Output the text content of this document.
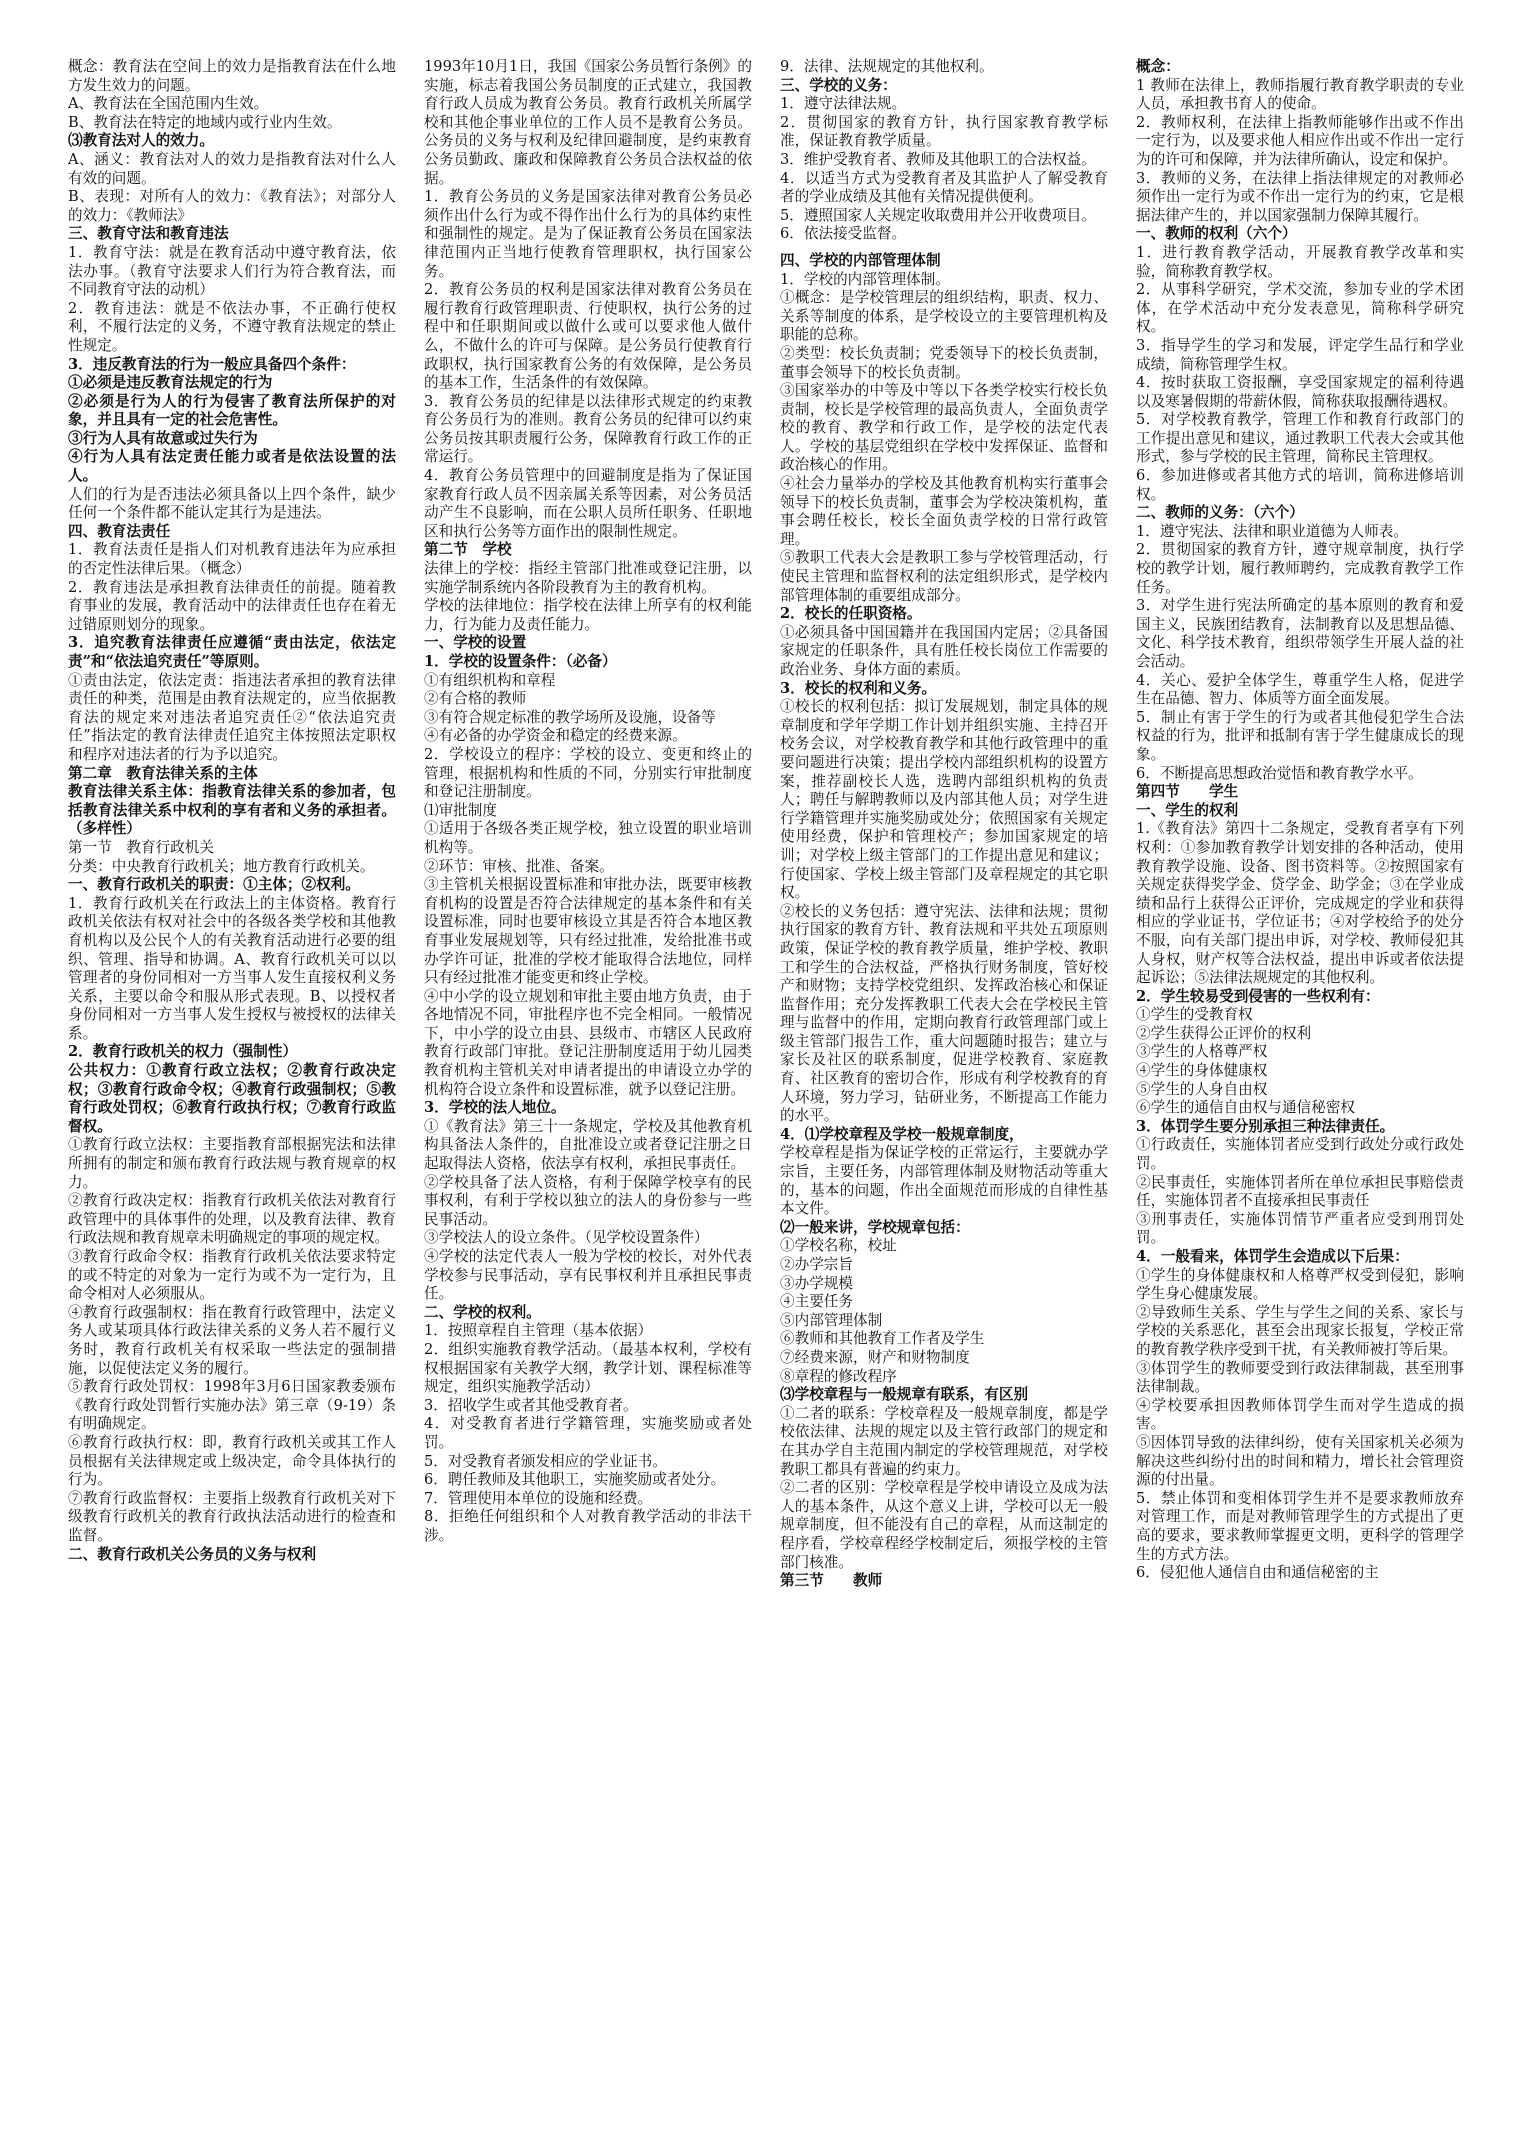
概念：教育法在空间上的效力是指教育法在什么地方发生效力的问题。

A、教育法在全国范围内生效。

B、教育法在特定的地域内或行业内生效。

⑶教育法对人的效力。

A、涵义：教育法对人的效力是指教育法对什么人有效的问题。

B、表现：对所有人的效力：《教育法》；对部分人的效力：《教师法》

三、教育守法和教育违法

1．教育守法：就是在教育活动中遵守教育法，依法办事。（教育守法要求人们行为符合教育法，而不同教育守法的动机）

2．教育违法：就是不依法办事，不正确行使权利，不履行法定的义务，不遵守教育法规定的禁止性规定。

3．违反教育法的行为一般应具备四个条件：

①必须是违反教育法规定的行为

②必须是行为人的行为侵害了教育法所保护的对象，并且具有一定的社会危害性。

③行为人具有故意或过失行为

④行为人具有法定责任能力或者是依法设置的法人。

人们的行为是否违法必须具备以上四个条件，缺少任何一个条件都不能认定其行为是违法。

四、教育法责任

1．教育法责任是指人们对机教育违法年为应承担的否定性法律后果。（概念）

2．教育违法是承担教育法律责任的前提。随着教育事业的发展，教育活动中的法律责任也存在着无过错原则划分的现象。

3．追究教育法律责任应遵循“责由法定，依法定责”和“依法追究责任”等原则。

①责由法定，依法定责：指违法者承担的教育法律责任的种类，范围是由教育法规定的，应当依据教育法的规定来对违法者追究责任②“依法追究责任”指法定的教育法律责任追究主体按照法定职权和程序对违法者的行为予以追究。

第二章　教育法律关系的主体

教育法律关系主体：指教育法律关系的参加者，包括教育法律关系中权利的享有者和义务的承担者。（多样性）

第一节　教育行政机关

分类：中央教育行政机关；地方教育行政机关。

一、教育行政机关的职责：①主体；②权利。

1．教育行政机关在行政法上的主体资格。教育行政机关依法有权对社会中的各级各类学校和其他教育机构以及公民个人的有关教育活动进行必要的组织、管理、指导和协调。A、教育行政机关可以以管理者的身份同相对一方当事人发生直接权利义务关系，主要以命令和服从形式表现。B、以授权者身份同相对一方当事人发生授权与被授权的法律关系。

2．教育行政机关的权力（强制性）

公共权力：①教育行政立法权；②教育行政决定权；③教育行政命令权；④教育行政强制权；⑤教育行政处罚权；⑥教育行政执行权；⑦教育行政监督权。

①教育行政立法权：主要指教育部根据宪法和法律所拥有的制定和颁布教育行政法规与教育规章的权力。

②教育行政决定权：指教育行政机关依法对教育行政管理中的具体事件的处理，以及教育法律、教育行政法规和教育规章未明确规定的事项的规定权。

③教育行政命令权：指教育行政机关依法要求特定的或不特定的对象为一定行为或不为一定行为，且命令相对人必须服从。

④教育行政强制权：指在教育行政管理中，法定义务人或某项具体行政法律关系的义务人若不履行义务时，教育行政机关有权采取一些法定的强制措施，以促使法定义务的履行。

⑤教育行政处罚权：1998年3月6日国家教委颁布《教育行政处罚暂行实施办法》第三章（9-19）条有明确规定。

⑥教育行政执行权：即，教育行政机关或其工作人员根据有关法律规定或上级决定，命令具体执行的行为。

⑦教育行政监督权：主要指上级教育行政机关对下级教育行政机关的教育行政执法活动进行的检查和监督。

二、教育行政机关公务员的义务与权利

1993年10月1日，我国《国家公务员暂行条例》的实施，标志着我国公务员制度的正式建立，我国教育行政人员成为教育公务员。教育行政机关所属学校和其他企事业单位的工作人员不是教育公务员。公务员的义务与权利及纪律回避制度，是约束教育公务员勤政、廉政和保障教育公务员合法权益的依据。

1．教育公务员的义务是国家法律对教育公务员必须作出什么行为或不得作出什么行为的具体约束性和强制性的规定。是为了保证教育公务员在国家法律范围内正当地行使教育管理职权，执行国家公务。

2．教育公务员的权利是国家法律对教育公务员在履行教育行政管理职责、行使职权，执行公务的过程中和任职期间或以做什么或可以要求他人做什么，不做什么的许可与保障。是公务员行使教育行政职权，执行国家教育公务的有效保障，是公务员的基本工作，生活条件的有效保障。

3．教育公务员的纪律是以法律形式规定的约束教育公务员行为的准则。教育公务员的纪律可以约束公务员按其职责履行公务，保障教育行政工作的正常运行。

4．教育公务员管理中的回避制度是指为了保证国家教育行政人员不因亲属关系等因素，对公务员活动产生不良影响，而在公职人员所任职务、任职地区和执行公务等方面作出的限制性规定。

第二节　学校

法律上的学校：指经主管部门批准或登记注册，以实施学制系统内各阶段教育为主的教育机构。

学校的法律地位：指学校在法律上所享有的权利能力，行为能力及责任能力。

一、学校的设置

1．学校的设置条件：（必备）

①有组织机构和章程

②有合格的教师

③有符合规定标准的教学场所及设施，设备等

④有必备的办学资金和稳定的经费来源。

2．学校设立的程序：学校的设立、变更和终止的管理，根据机构和性质的不同，分别实行审批制度和登记注册制度。

⑴审批制度

①适用于各级各类正规学校，独立设置的职业培训机构等。

②环节：审核、批准、备案。

③主管机关根据设置标准和审批办法，既要审核教育机构的设置是否符合法律规定的基本条件和有关设置标准，同时也要审核设立其是否符合本地区教育事业发展规划等，只有经过批准，发给批准书或办学许可证，批准的学校才能取得合法地位，同样只有经过批准才能变更和终止学校。

④中小学的设立规划和审批主要由地方负责，由于各地情况不同，审批程序也不完全相同。一般情况下，中小学的设立由县、县级市、市辖区人民政府教育行政部门审批。登记注册制度适用于幼儿园类教育机构主管机关对申请者提出的申请设立办学的机构符合设立条件和设置标准，就予以登记注册。

3．学校的法人地位。

①《教育法》第三十一条规定，学校及其他教育机构具备法人条件的，自批准设立或者登记注册之日起取得法人资格，依法享有权利，承担民事责任。

②学校具备了法人资格，有利于保障学校享有的民事权利，有利于学校以独立的法人的身份参与一些民事活动。

③学校法人的设立条件。（见学校设置条件）

④学校的法定代表人一般为学校的校长，对外代表学校参与民事活动，享有民事权利并且承担民事责任。

二、学校的权利。

1．按照章程自主管理（基本依据）

2．组织实施教育教学活动。（最基本权利，学校有权根据国家有关教学大纲，教学计划、课程标准等规定，组织实施教学活动）

3．招收学生或者其他受教育者。

4．对受教育者进行学籍管理，实施奖励或者处罚。

5．对受教育者颁发相应的学业证书。

6．聘任教师及其他职工，实施奖励或者处分。

7．管理使用本单位的设施和经费。

8．拒绝任何组织和个人对教育教学活动的非法干涉。

9．法律、法规规定的其他权利。

三、学校的义务：

1．遵守法律法规。

2．贯彻国家的教育方针，执行国家教育教学标准，保证教育教学质量。

3．维护受教育者、教师及其他职工的合法权益。

4．以适当方式为受教育者及其监护人了解受教育者的学业成绩及其他有关情况提供便利。

5．遵照国家人关规定收取费用并公开收费项目。

6．依法接受监督。

四、学校的内部管理体制

1．学校的内部管理体制。

①概念：是学校管理层的组织结构，职责、权力、关系等制度的体系，是学校设立的主要管理机构及职能的总称。

②类型：校长负责制；党委领导下的校长负责制，董事会领导下的校长负责制。

③国家举办的中等及中等以下各类学校实行校长负责制，校长是学校管理的最高负责人，全面负责学校的教育、教学和行政工作，是学校的法定代表人。学校的基层党组织在学校中发挥保证、监督和政治核心的作用。

④社会力量举办的学校及其他教育机构实行董事会领导下的校长负责制，董事会为学校决策机构，董事会聘任校长，校长全面负责学校的日常行政管理。

⑤教职工代表大会是教职工参与学校管理活动，行使民主管理和监督权利的法定组织形式，是学校内部管理体制的重要组成部分。

2．校长的任职资格。

①必须具备中国国籍并在我国国内定居；②具备国家规定的任职条件，具有胜任校长岗位工作需要的政治业务、身体方面的素质。

3．校长的权利和义务。

①校长的权利包括：拟订发展规划，制定具体的规章制度和学年学期工作计划并组织实施、主持召开校务会议，对学校教育教学和其他行政管理中的重要问题进行决策；提出学校内部组织机构的设置方案，推荐副校长人选，选聘内部组织机构的负责人；聘任与解聘教师以及内部其他人员；对学生进行学籍管理并实施奖励或处分；依照国家有关规定使用经费，保护和管理校产；参加国家规定的培训；对学校上级主管部门的工作提出意见和建议；行使国家、学校上级主管部门及章程规定的其它职权。

②校长的义务包括：遵守宪法、法律和法规；贯彻执行国家的教育方针、教育法规和平共处五项原则政策，保证学校的教育教学质量，维护学校、教职工和学生的合法权益，严格执行财务制度，管好校产和财物；支持学校党组织、发挥政治核心和保证监督作用；充分发挥教职工代表大会在学校民主管理与监督中的作用，定期向教育行政管理部门或上级主管部门报告工作，重大问题随时报告；建立与家长及社区的联系制度，促进学校教育、家庭教育、社区教育的密切合作，形成有利学校教育的育人环境，努力学习，钻研业务，不断提高工作能力的水平。

4．⑴学校章程及学校一般规章制度，

学校章程是指为保证学校的正常运行，主要就办学宗旨，主要任务，内部管理体制及财物活动等重大的，基本的问题，作出全面规范而形成的自律性基本文件。

⑵一般来讲，学校规章包括：

①学校名称，校址

②办学宗旨

③办学规模

④主要任务

⑤内部管理体制

⑥教师和其他教育工作者及学生

⑦经费来源，财产和财物制度

⑧章程的修改程序

⑶学校章程与一般规章有联系，有区别

①二者的联系：学校章程及一般规章制度，都是学校依法律、法规的规定以及主管行政部门的规定和在其办学自主范围内制定的学校管理规范，对学校教职工都具有普遍的约束力。

②二者的区别：学校章程是学校申请设立及成为法人的基本条件，从这个意义上讲，学校可以无一般规章制度，但不能没有自己的章程，从而这制定的程序看，学校章程经学校制定后，须报学校的主管部门核准。

第三节　　教师

概念：

1 教师在法律上，教师指履行教育教学职责的专业人员，承担教书育人的使命。

2．教师权利，在法律上指教师能够作出或不作出一定行为，以及要求他人相应作出或不作出一定行为的许可和保障，并为法律所确认，设定和保护。

3．教师的义务，在法律上指法律规定的对教师必须作出一定行为或不作出一定行为的约束，它是根据法律产生的，并以国家强制力保障其履行。

一、教师的权利（六个）

1．进行教育教学活动，开展教育教学改革和实验，简称教育教学权。

2．从事科学研究，学术交流，参加专业的学术团体，在学术活动中充分发表意见，简称科学研究权。

3．指导学生的学习和发展，评定学生品行和学业成绩，简称管理学生权。

4．按时获取工资报酬，享受国家规定的福利待遇以及寒暑假期的带薪休假，简称获取报酬待遇权。

5．对学校教育教学，管理工作和教育行政部门的工作提出意见和建议，通过教职工代表大会或其他形式，参与学校的民主管理，简称民主管理权。

6．参加进修或者其他方式的培训，简称进修培训权。

二、教师的义务：（六个）

1．遵守宪法、法律和职业道德为人师表。

2．贯彻国家的教育方针，遵守规章制度，执行学校的教学计划，履行教师聘约，完成教育教学工作任务。

3．对学生进行宪法所确定的基本原则的教育和爱国主义，民族团结教育，法制教育以及思想品德、文化、科学技术教育，组织带领学生开展人益的社会活动。

4．关心、爱护全体学生，尊重学生人格，促进学生在品德、智力、体质等方面全面发展。

5．制止有害于学生的行为或者其他侵犯学生合法权益的行为，批评和抵制有害于学生健康成长的现象。

6．不断提高思想政治觉悟和教育教学水平。

第四节　　学生

一、学生的权利

1.《教育法》第四十二条规定，受教育者享有下列权利：①参加教育教学计划安排的各种活动，使用教育教学设施、设备、图书资料等。②按照国家有关规定获得奖学金、贷学金、助学金；③在学业成绩和品行上获得公正评价，完成规定的学业和获得相应的学业证书，学位证书；④对学校给予的处分不服，向有关部门提出申诉，对学校、教师侵犯其人身权，财产权等合法权益，提出申诉或者依法提起诉讼；⑤法律法规规定的其他权利。

2．学生较易受到侵害的一些权利有：

①学生的受教育权

②学生获得公正评价的权利

③学生的人格尊严权

④学生的身体健康权

⑤学生的人身自由权

⑥学生的通信自由权与通信秘密权

3．体罚学生要分别承担三种法律责任。

①行政责任，实施体罚者应受到行政处分或行政处罚。

②民事责任，实施体罚者所在单位承担民事赔偿责任，实施体罚者不直接承担民事责任

③刑事责任，实施体罚情节严重者应受到刑罚处罚。

4．一般看来，体罚学生会造成以下后果：

①学生的身体健康权和人格尊严权受到侵犯，影响学生身心健康发展。

②导致师生关系、学生与学生之间的关系、家长与学校的关系恶化，甚至会出现家长报复，学校正常的教育教学秩序受到干扰，有关教师被打等后果。

③体罚学生的教师要受到行政法律制裁，甚至刑事法律制裁。

④学校要承担因教师体罚学生而对学生造成的损害。

⑤因体罚导致的法律纠纷，使有关国家机关必须为解决这些纠纷付出的时间和精力，增长社会管理资源的付出量。

5．禁止体罚和变相体罚学生并不是要求教师放弃对管理工作，而是对教师管理学生的方式提出了更高的要求，要求教师掌握更文明，更科学的管理学生的方式方法。

6．侵犯他人通信自由和通信秘密的主
